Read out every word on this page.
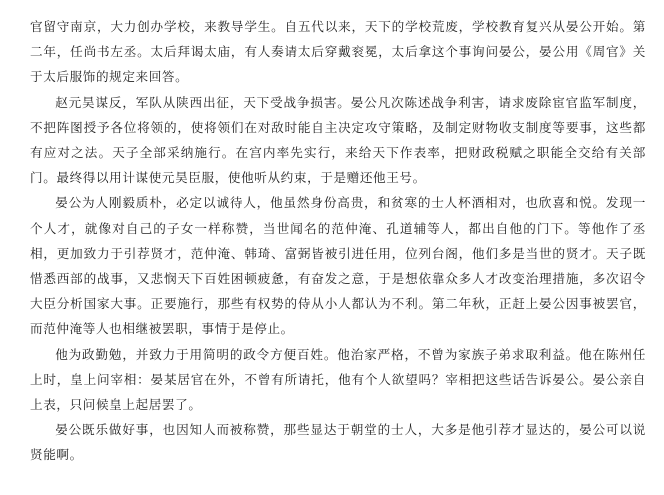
官留守南京，大力创办学校，来教导学生。自五代以来，天下的学校荒废，学校教育复兴从晏公开始。第二年，任尚书左丞。太后拜谒太庙，有人奏请太后穿戴衮冕，太后拿这个事询问晏公，晏公用《周官》关于太后服饰的规定来回答。

赵元昊谋反，军队从陕西出征，天下受战争损害。晏公凡次陈述战争利害，请求废除宦官监军制度，不把阵图授予各位将领的，使将领们在对敌时能自主决定攻守策略，及制定财物收支制度等要事，这些都有应对之法。天子全部采纳施行。在宫内率先实行，来给天下作表率，把财政税赋之职能全交给有关部门。最终得以用计谋使元昊臣服，使他听从约束，于是赠还他王号。

晏公为人刚毅质朴，必定以诚待人，他虽然身份高贵，和贫寒的士人杯酒相对，也欣喜和悦。发现一个人才，就像对自己的子女一样称赞，当世闻名的范仲淹、孔道辅等人，都出自他的门下。等他作了丞相，更加致力于引荐贤才，范仲淹、韩琦、富弼皆被引进任用，位列台阁，他们多是当世的贤才。天子既惜悉西部的战事，又悲悯天下百姓困顿疲惫，有奋发之意，于是想依靠众多人才改变治理措施，多次诏令大臣分析国家大事。正要施行，那些有权势的侍从小人都认为不利。第二年秋，正赶上晏公因事被罢官，而范仲淹等人也相继被罢职，事情于是停止。

他为政勤勉，并致力于用简明的政令方便百姓。他治家严格，不曾为家族子弟求取利益。他在陈州任上时，皇上问宰相：晏某居官在外，不曾有所请托，他有个人欲望吗？宰相把这些话告诉晏公。晏公亲自上表，只问候皇上起居罢了。

晏公既乐做好事，也因知人而被称赞，那些显达于朝堂的士人，大多是他引荐才显达的，晏公可以说贤能啊。
